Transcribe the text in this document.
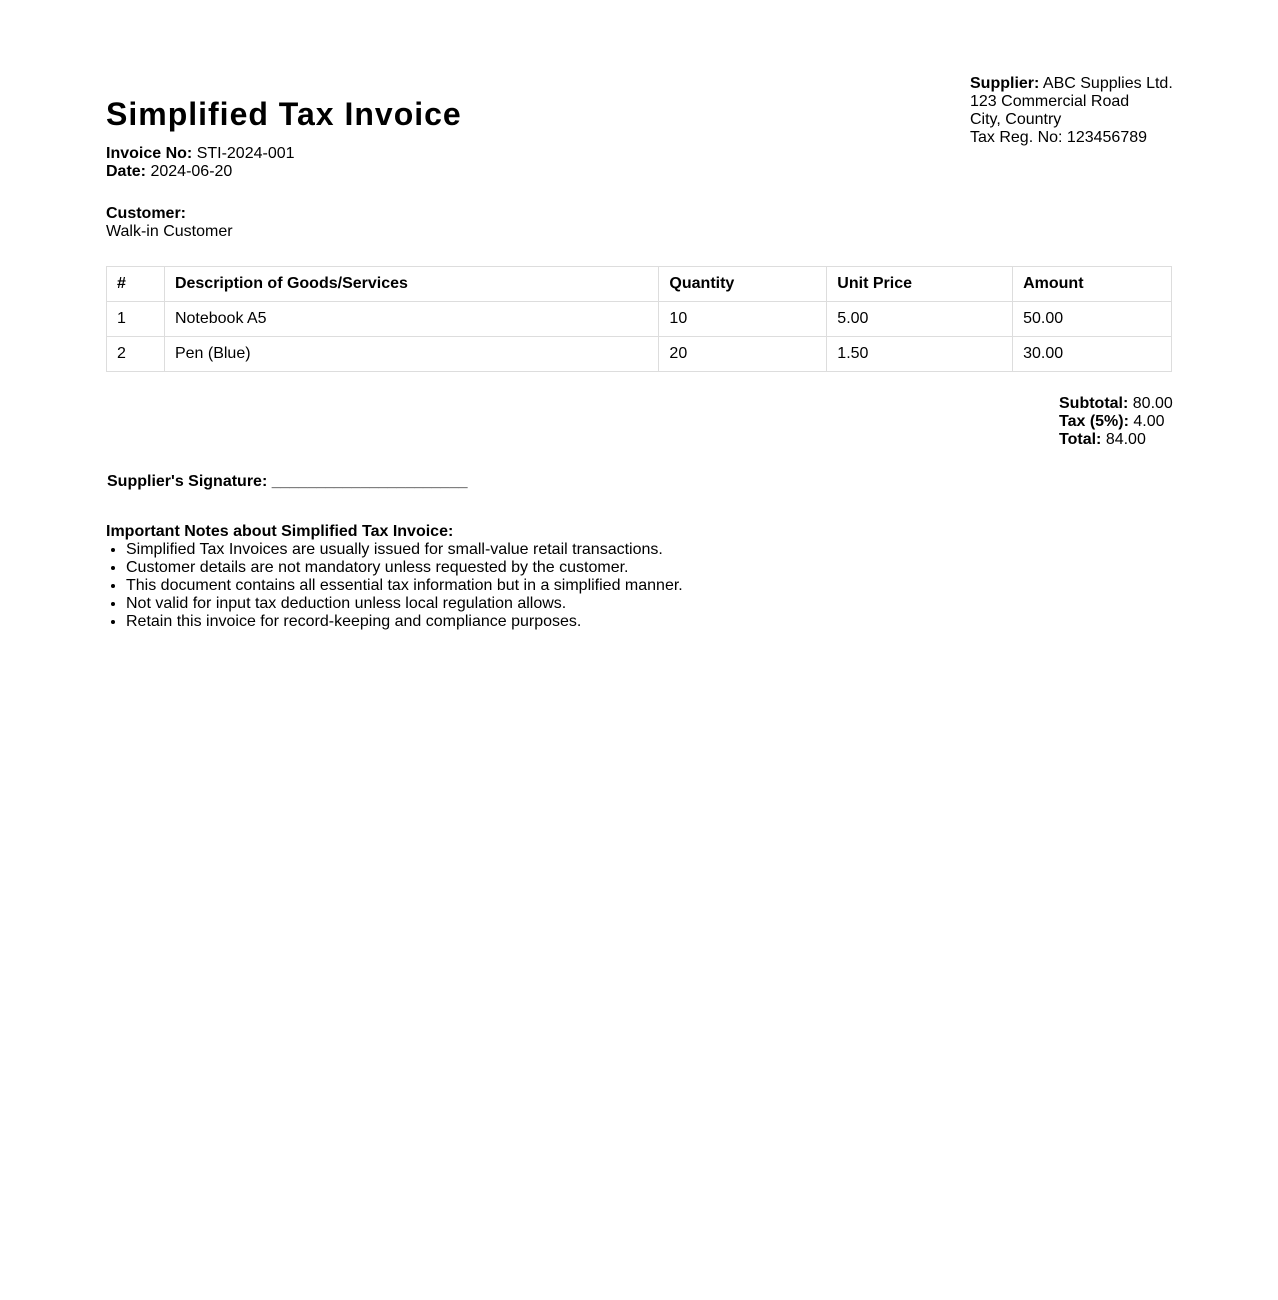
Supplier: ABC Supplies Ltd.
123 Commercial Road
City, Country
Tax Reg. No: 123456789
Simplified Tax Invoice
Invoice No: STI-2024-001
Date: 2024-06-20
Customer:
Walk-in Customer
#	Description of Goods/Services	Quantity	Unit Price	Amount
1	Notebook A5	10	5.00	50.00
2	Pen (Blue)	20	1.50	30.00
Subtotal: 80.00
Tax (5%): 4.00
Total: 84.00
Supplier's Signature: ______________________
Important Notes about Simplified Tax Invoice:
• Simplified Tax Invoices are usually issued for small-value retail transactions.
• Customer details are not mandatory unless requested by the customer.
• This document contains all essential tax information but in a simplified manner.
• Not valid for input tax deduction unless local regulation allows.
• Retain this invoice for record-keeping and compliance purposes.
